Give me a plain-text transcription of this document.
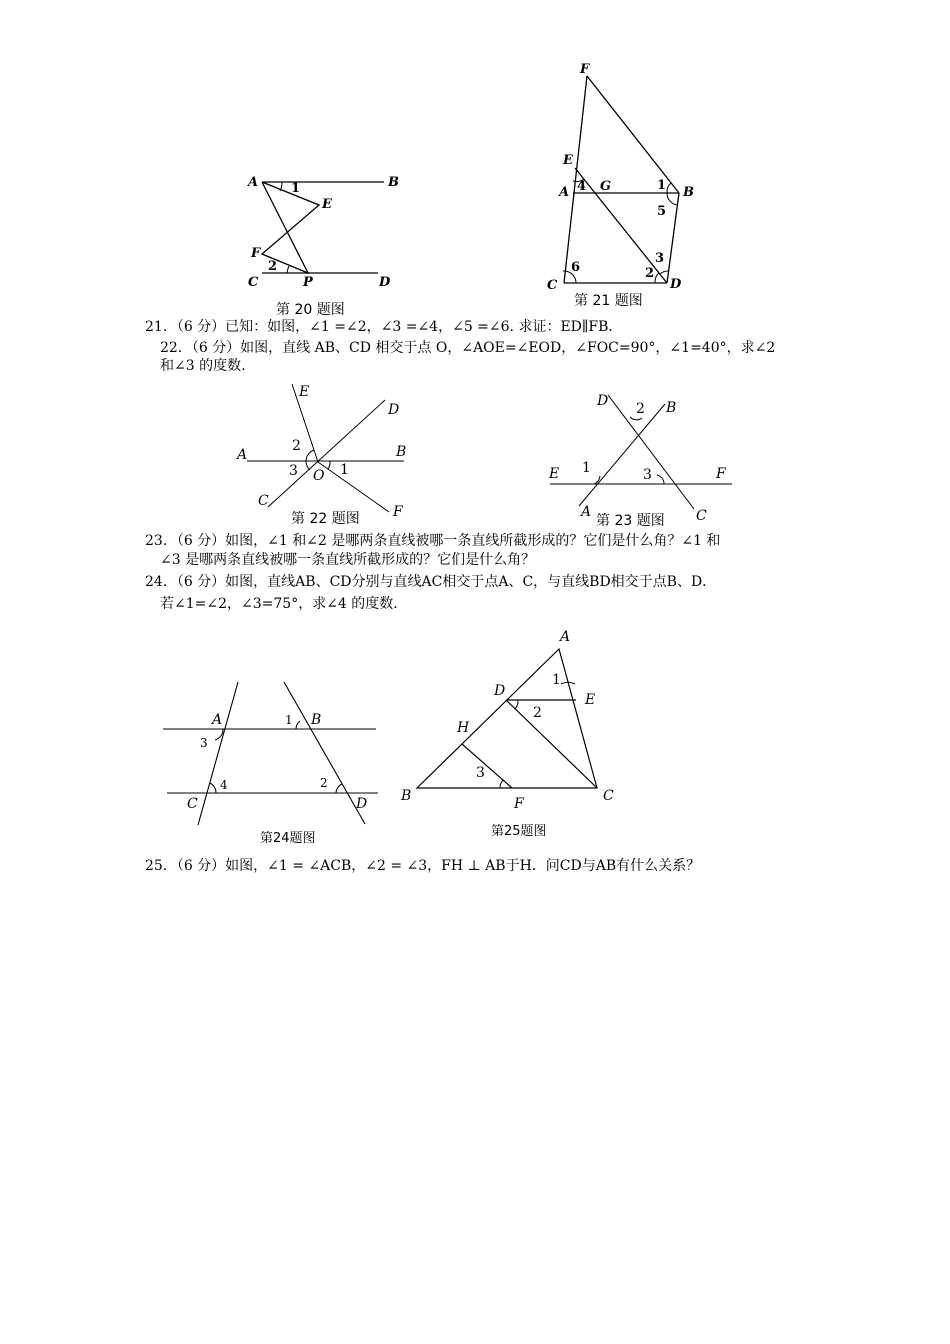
A	B
E
F
C	P	D
1
2
第 20 题图
F
E
A G	B
C	D
4	1
5
6
3
2
第 21 题图
21．（6 分）已知：如图，∠1 =∠2，∠3 =∠4，∠5 =∠6. 求证：ED∥FB．
22．（6 分）如图，直线 AB、CD 相交于点 O，∠AOE=∠EOD，∠FOC=90°，∠1=40°，求∠2
和∠3 的度数.
E
D
A	B
O
C
F
2
3	1
第 22 题图
D	B
E	F
A	C
2
1	3
第 23 题图
23．（6 分）如图，∠1 和∠2 是哪两条直线被哪一条直线所截形成的？它们是什么角？∠1 和
∠3 是哪两条直线被哪一条直线所截形成的？它们是什么角？
24．（6 分）如图，直线AB、CD分别与直线AC相交于点A、C，与直线BD相交于点B、D．
若∠1=∠2，∠3=75°，求∠4 的度数．
A	B
C	D
1
3
4	2
第24题图
A
D
E
H
B	F	C
1
2
3
第25题图
25．（6 分）如图，∠1 = ∠ACB，∠2 = ∠3，FH ⊥ AB于H．问CD与AB有什么关系？
